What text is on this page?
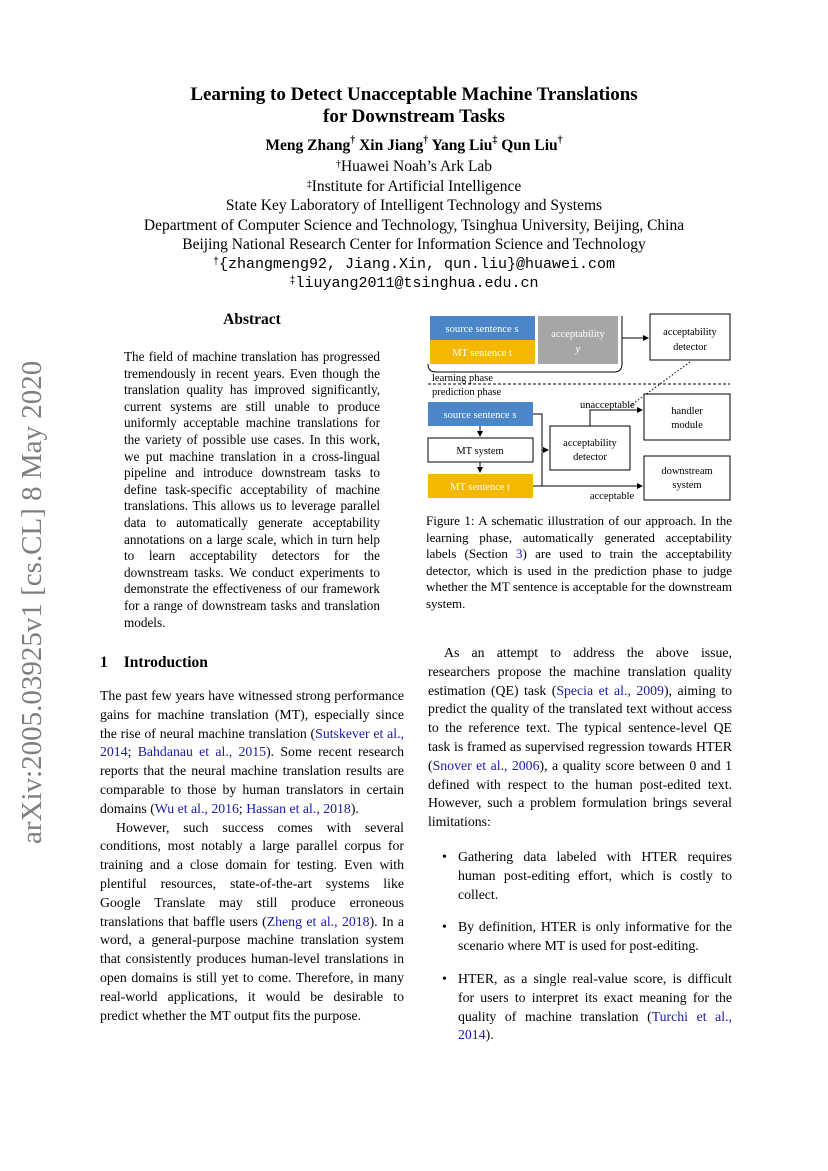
arXiv:2005.03925v1 [cs.CL] 8 May 2020
Learning to Detect Unacceptable Machine Translations
for Downstream Tasks
Meng Zhang† Xin Jiang† Yang Liu‡ Qun Liu†
†Huawei Noah’s Ark Lab
‡Institute for Artificial Intelligence
State Key Laboratory of Intelligent Technology and Systems
Department of Computer Science and Technology, Tsinghua University, Beijing, China
Beijing National Research Center for Information Science and Technology
†{zhangmeng92, Jiang.Xin, qun.liu}@huawei.com
‡liuyang2011@tsinghua.edu.cn
Abstract
The field of machine translation has progressed tremendously in recent years. Even though the translation quality has improved significantly, current systems are still unable to produce uniformly acceptable machine translations for the variety of possible use cases. In this work, we put machine translation in a cross-lingual pipeline and introduce downstream tasks to define task-specific acceptability of machine translations. This allows us to leverage parallel data to automatically generate acceptability annotations on a large scale, which in turn help to learn acceptability detectors for the downstream tasks. We conduct experiments to demonstrate the effectiveness of our framework for a range of downstream tasks and translation models.
1 Introduction
The past few years have witnessed strong performance gains for machine translation (MT), especially since the rise of neural machine translation (Sutskever et al., 2014; Bahdanau et al., 2015). Some recent research reports that the neural machine translation results are comparable to those by human translators in certain domains (Wu et al., 2016; Hassan et al., 2018).
However, such success comes with several conditions, most notably a large parallel corpus for training and a close domain for testing. Even with plentiful resources, state-of-the-art systems like Google Translate may still produce erroneous translations that baffle users (Zheng et al., 2018). In a word, a general-purpose machine translation system that consistently produces human-level translations in open domains is still yet to come. Therefore, in many real-world applications, it would be desirable to predict whether the MT output fits the purpose.
source sentence s
MT sentence t
acceptability
y
acceptability
detector
learning phase
prediction phase
source sentence s
MT system
MT sentence t
acceptability
detector
unacceptable
handler
module
acceptable
downstream
system
Figure 1: A schematic illustration of our approach. In the learning phase, automatically generated acceptability labels (Section 3) are used to train the acceptability detector, which is used in the prediction phase to judge whether the MT sentence is acceptable for the downstream system.
As an attempt to address the above issue, researchers propose the machine translation quality estimation (QE) task (Specia et al., 2009), aiming to predict the quality of the translated text without access to the reference text. The typical sentence-level QE task is framed as supervised regression towards HTER (Snover et al., 2006), a quality score between 0 and 1 defined with respect to the human post-edited text. However, such a problem formulation brings several limitations:
• Gathering data labeled with HTER requires human post-editing effort, which is costly to collect.
• By definition, HTER is only informative for the scenario where MT is used for post-editing.
• HTER, as a single real-value score, is difficult for users to interpret its exact meaning for the quality of machine translation (Turchi et al., 2014).
